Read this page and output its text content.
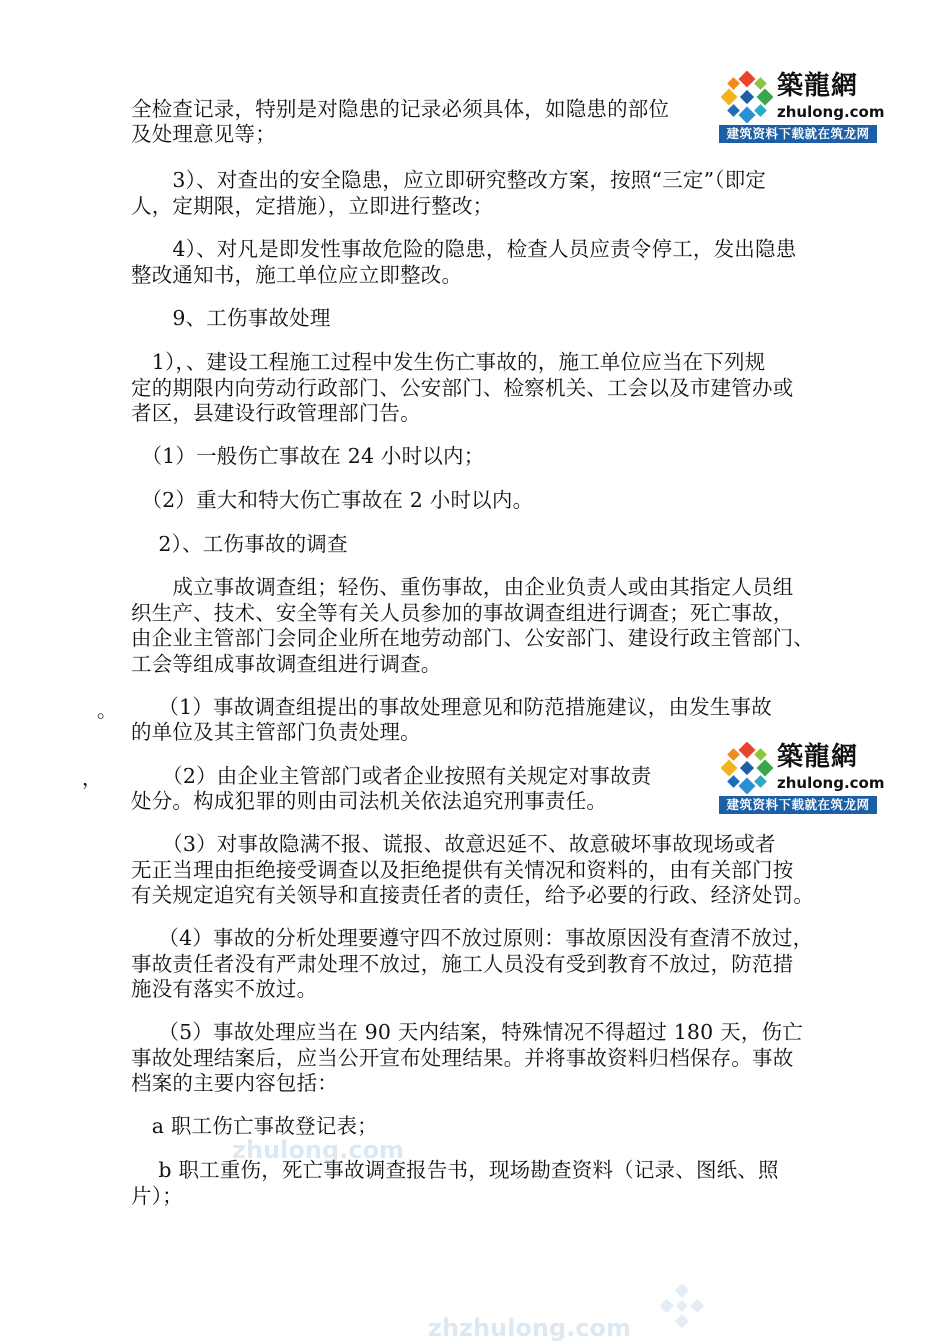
zhulong.com
zhzhulong.com
全检查记录，特别是对隐患的记录必须具体，如隐患的部位
及处理意见等；
　　3）、对查出的安全隐患，应立即研究整改方案，按照“三定”（即定
人，定期限，定措施），立即进行整改；
　　4）、对凡是即发性事故危险的隐患，检查人员应责令停工，发出隐患
整改通知书，施工单位应立即整改。
　　9、工伤事故处理
　1），、建设工程施工过程中发生伤亡事故的，施工单位应当在下列规
定的期限内向劳动行政部门、公安部门、检察机关、工会以及市建管办或
者区，县建设行政管理部门告。
　（1）一般伤亡事故在 24 小时以内；
　（2）重大和特大伤亡事故在 2 小时以内。
　 2）、工伤事故的调查
　　成立事故调查组；轻伤、重伤事故，由企业负责人或由其指定人员组
织生产、技术、安全等有关人员参加的事故调查组进行调查；死亡事故，
由企业主管部门会同企业所在地劳动部门、公安部门、建设行政主管部门、
工会等组成事故调查组进行调查。
。 　 （1）事故调查组提出的事故处理意见和防范措施建议，由发生事故
的单位及其主管部门负责处理。
， 　　（2）由企业主管部门或者企业按照有关规定对事故责
处分。构成犯罪的则由司法机关依法追究刑事责任。
　　（3）对事故隐满不报、谎报、故意迟延不、故意破坏事故现场或者
无正当理由拒绝接受调查以及拒绝提供有关情况和资料的，由有关部门按
有关规定追究有关领导和直接责任者的责任，给予必要的行政、经济处罚。
　 （4）事故的分析处理要遵守四不放过原则：事故原因没有查清不放过，
事故责任者没有严肃处理不放过，施工人员没有受到教育不放过，防范措
施没有落实不放过。
　 （5）事故处理应当在 90 天内结案，特殊情况不得超过 180 天，伤亡
事故处理结案后，应当公开宣布处理结果。并将事故资料归档保存。事故
档案的主要内容包括：
　a 职工伤亡事故登记表；
　 b 职工重伤，死亡事故调查报告书，现场勘查资料（记录、图纸、照
片）；
築龍網
zhulong.com
建筑资料下载就在筑龙网
築龍網
zhulong.com
建筑资料下载就在筑龙网
